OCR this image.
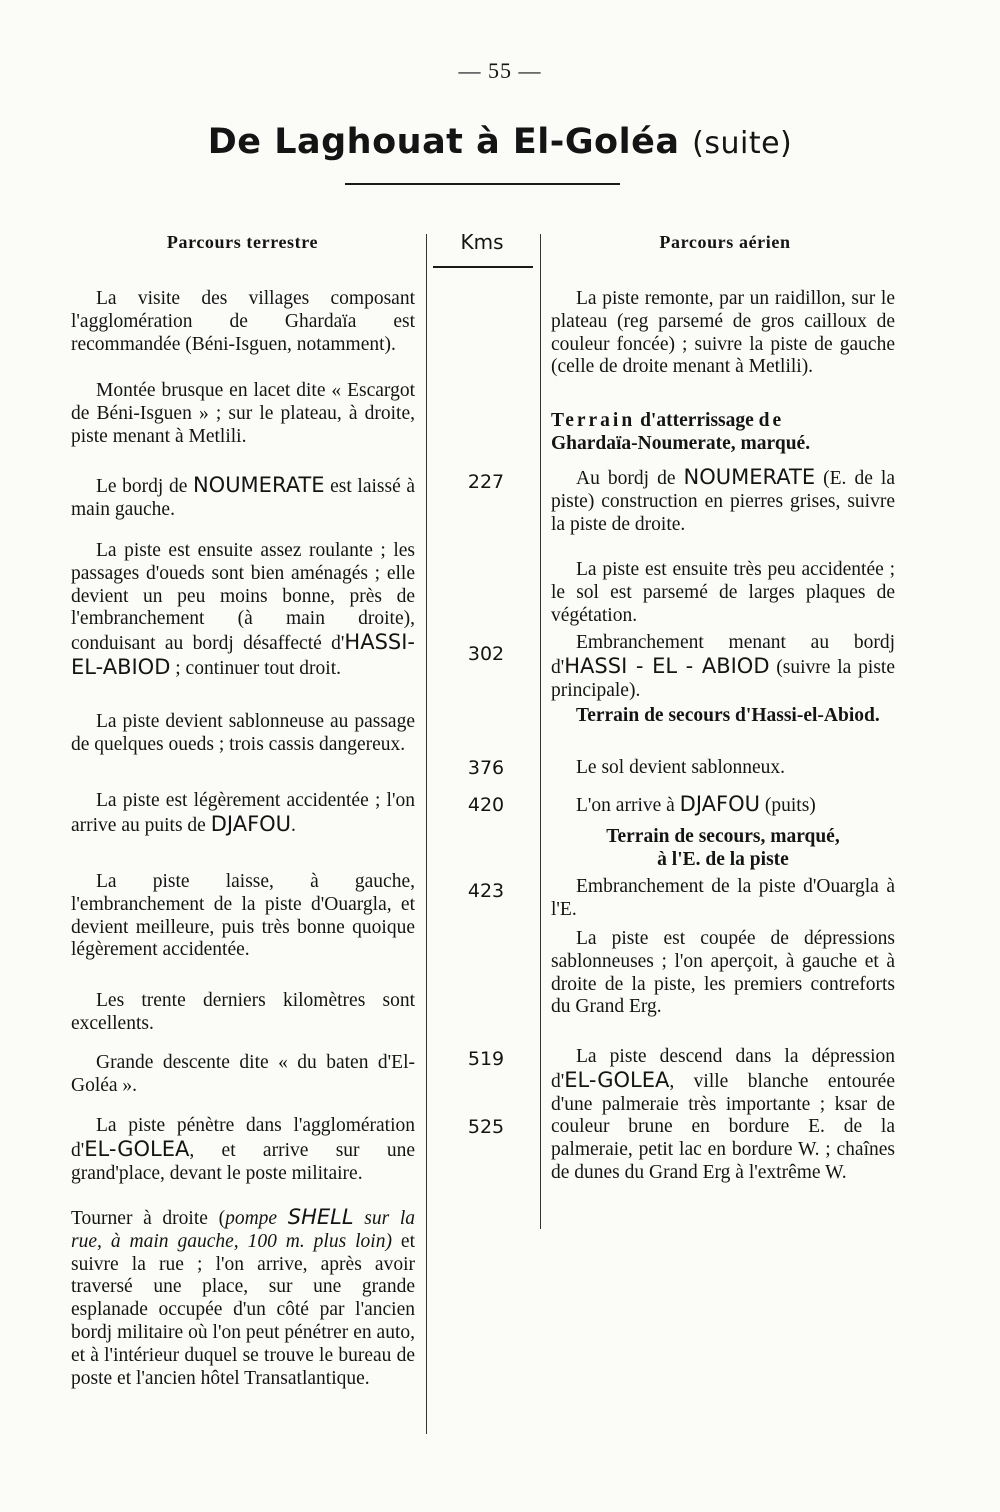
— 55 —
De Laghouat à El-Goléa (suite)
Parcours terrestre	Kms	Parcours aérien

La visite des villages composant l'agglomération de Ghardaïa est recommandée (Béni-Isguen, notamment).

Montée brusque en lacet dite « Escargot de Béni-Isguen » ; sur le plateau, à droite, piste menant à Metlili.

Le bordj de NOUMERATE est laissé à main gauche.

La piste est ensuite assez roulante ; les passages d'oueds sont bien aménagés ; elle devient un peu moins bonne, près de l'embranchement (à main droite), conduisant au bordj désaffecté d'HASSI-EL-ABIOD ; continuer tout droit.

La piste devient sablonneuse au passage de quelques oueds ; trois cassis dangereux.

La piste est légèrement accidentée ; l'on arrive au puits de DJAFOU.

La piste laisse, à gauche, l'embranchement de la piste d'Ouargla, et devient meilleure, puis très bonne quoique légèrement accidentée.

Les trente derniers kilomètres sont excellents.

Grande descente dite « du baten d'El-Goléa ».

La piste pénètre dans l'agglomération d'EL-GOLEA, et arrive sur une grand'place, devant le poste militaire.

Tourner à droite (pompe SHELL sur la rue, à main gauche, 100 m. plus loin) et suivre la rue ; l'on arrive, après avoir traversé une place, sur une grande esplanade occupée d'un côté par l'ancien bordj militaire où l'on peut pénétrer en auto, et à l'intérieur duquel se trouve le bureau de poste et l'ancien hôtel Transatlantique.

227
302
376
420
423
519
525

La piste remonte, par un raidillon, sur le plateau (reg parsemé de gros cailloux de couleur foncée) ; suivre la piste de gauche (celle de droite menant à Metlili).

Terrain d'atterrissage de
Ghardaïa-Noumerate, marqué.

Au bordj de NOUMERATE (E. de la piste) construction en pierres grises, suivre la piste de droite.

La piste est ensuite très peu accidentée ; le sol est parsemé de larges plaques de végétation.

Embranchement menant au bordj d'HASSI - EL - ABIOD (suivre la piste principale).

Terrain de secours d'Hassi-el-Abiod.

Le sol devient sablonneux.

L'on arrive à DJAFOU (puits)

Terrain de secours, marqué,
à l'E. de la piste

Embranchement de la piste d'Ouargla à l'E.

La piste est coupée de dépressions sablonneuses ; l'on aperçoit, à gauche et à droite de la piste, les premiers contreforts du Grand Erg.

La piste descend dans la dépression d'EL-GOLEA, ville blanche entourée d'une palmeraie très importante ; ksar de couleur brune en bordure E. de la palmeraie, petit lac en bordure W. ; chaînes de dunes du Grand Erg à l'extrême W.
